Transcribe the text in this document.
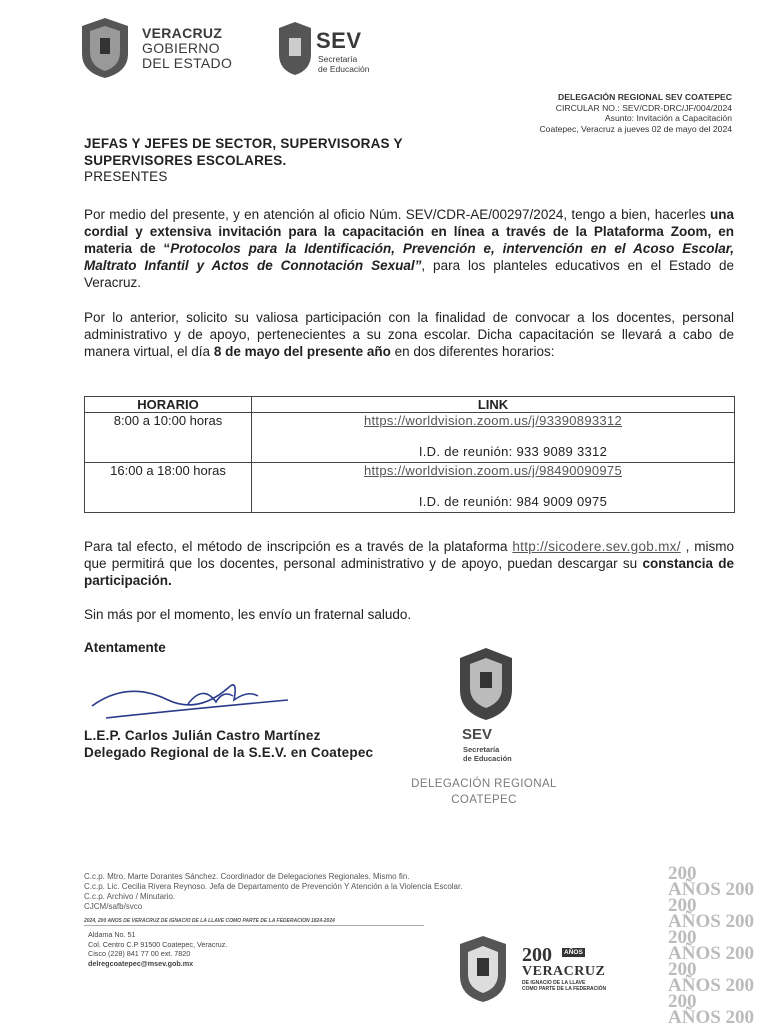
VERACRUZ
GOBIERNO
DEL ESTADO
SEV
Secretaría
de Educación
DELEGACIÓN REGIONAL SEV COATEPEC
CIRCULAR NO.: SEV/CDR-DRC/JF/004/2024
Asunto: Invitación a Capacitación
Coatepec, Veracruz a jueves 02 de mayo del 2024
JEFAS Y JEFES DE SECTOR, SUPERVISORAS Y
SUPERVISORES ESCOLARES.
PRESENTES
Por medio del presente, y en atención al oficio Núm. SEV/CDR-AE/00297/2024, tengo a bien, hacerles una cordial y extensiva invitación para la capacitación en línea a través de la Plataforma Zoom, en materia de “Protocolos para la Identificación, Prevención e, intervención en el Acoso Escolar, Maltrato Infantil y Actos de Connotación Sexual”, para los planteles educativos en el Estado de Veracruz.
Por lo anterior, solicito su valiosa participación con la finalidad de convocar a los docentes, personal administrativo y de apoyo, pertenecientes a su zona escolar. Dicha capacitación se llevará a cabo de manera virtual, el día 8 de mayo del presente año en dos diferentes horarios:
HORARIO	LINK
8:00 a 10:00 horas	https://worldvision.zoom.us/j/93390893312
I.D. de reunión: 933 9089 3312

16:00 a 18:00 horas	https://worldvision.zoom.us/j/98490090975
I.D. de reunión: 984 9009 0975
Para tal efecto, el método de inscripción es a través de la plataforma http://sicodere.sev.gob.mx/ , mismo que permitirá que los docentes, personal administrativo y de apoyo, puedan descargar su constancia de participación.
Sin más por el momento, les envío un fraternal saludo.
Atentamente
L.E.P. Carlos Julián Castro Martínez
Delegado Regional de la S.E.V. en Coatepec
SEV
Secretaría
de Educación
DELEGACIÓN REGIONAL
COATEPEC
C.c.p. Mtro. Marte Dorantes Sánchez. Coordinador de Delegaciones Regionales. Mismo fin.
C.c.p. Lic. Cecilia Rivera Reynoso. Jefa de Departamento de Prevención Y Atención a la Violencia Escolar.
C.c.p. Archivo / Minutario.
CJCM/safb/svco
2024, 200 AÑOS DE VERACRUZ DE IGNACIO DE LA LLAVE COMO PARTE DE LA FEDERACIÓN 1824-2024
Aldama No. 51
Col. Centro C.P 91500 Coatepec, Veracruz.
Cisco (228) 841 77 00 ext. 7820
delregcoatepec@msev.gob.mx	200	AÑOS
VERACRUZ
DE IGNACIO DE LA LLAVE
COMO PARTE DE LA FEDERACIÓN
200
AÑOS 200
200
AÑOS 200
200
AÑOS 200
200
AÑOS 200
200
AÑOS 200
